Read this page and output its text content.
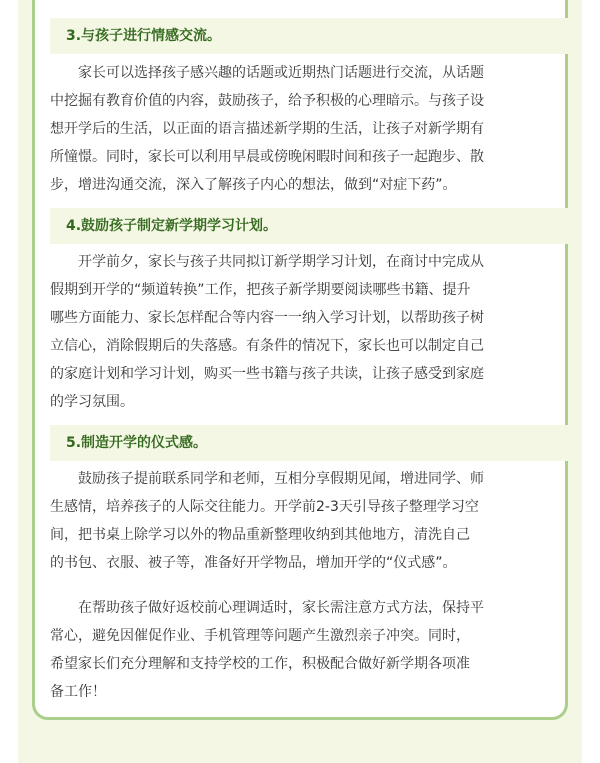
3.与孩子进行情感交流。
　　家长可以选择孩子感兴趣的话题或近期热门话题进行交流，从话题
中挖掘有教育价值的内容，鼓励孩子，给予积极的心理暗示。与孩子设
想开学后的生活，以正面的语言描述新学期的生活，让孩子对新学期有
所憧憬。同时，家长可以利用早晨或傍晚闲暇时间和孩子一起跑步、散
步，增进沟通交流，深入了解孩子内心的想法，做到“对症下药”。
4.鼓励孩子制定新学期学习计划。
　　开学前夕，家长与孩子共同拟订新学期学习计划，在商讨中完成从
假期到开学的“频道转换”工作，把孩子新学期要阅读哪些书籍、提升
哪些方面能力、家长怎样配合等内容一一纳入学习计划，以帮助孩子树
立信心，消除假期后的失落感。有条件的情况下，家长也可以制定自己
的家庭计划和学习计划，购买一些书籍与孩子共读，让孩子感受到家庭
的学习氛围。
5.制造开学的仪式感。
　　鼓励孩子提前联系同学和老师，互相分享假期见闻，增进同学、师
生感情，培养孩子的人际交往能力。开学前2-3天引导孩子整理学习空
间，把书桌上除学习以外的物品重新整理收纳到其他地方，清洗自己
的书包、衣服、被子等，准备好开学物品，增加开学的“仪式感”。
　　在帮助孩子做好返校前心理调适时，家长需注意方式方法，保持平
常心，避免因催促作业、手机管理等问题产生激烈亲子冲突。同时，
希望家长们充分理解和支持学校的工作，积极配合做好新学期各项准
备工作！
